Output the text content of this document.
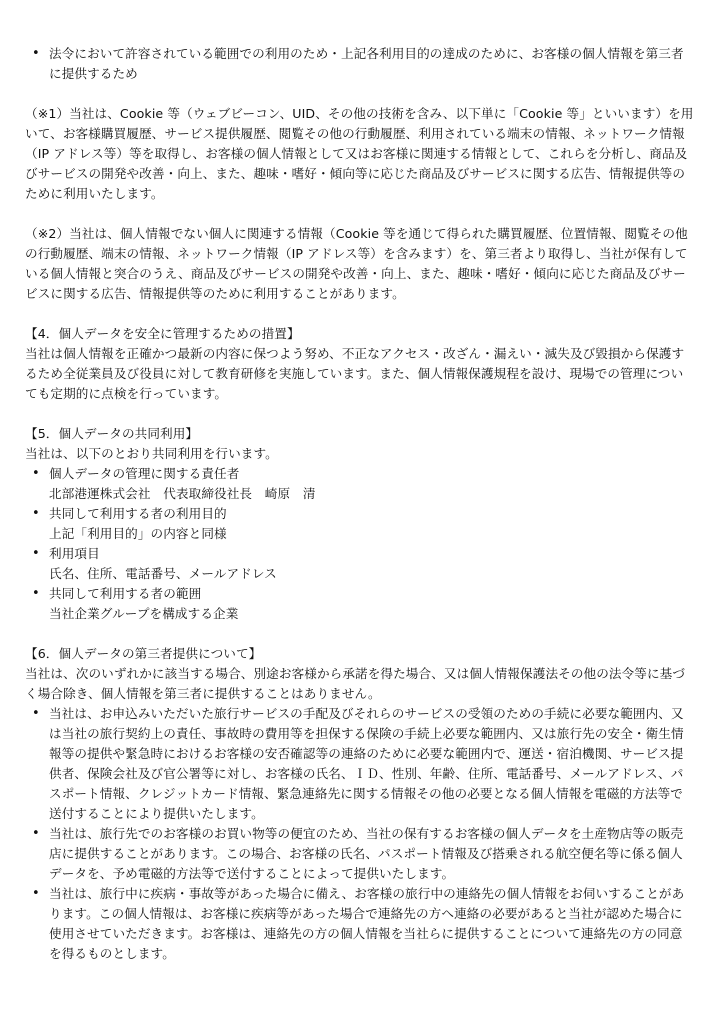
• 法令において許容されている範囲での利用のため・上記各利用目的の達成のために、お客様の個人情報を第三者に提供するため

（※1）当社は、Cookie 等（ウェブビーコン、UID、その他の技術を含み、以下単に「Cookie 等」といいます）を用いて、お客様購買履歴、サービス提供履歴、閲覧その他の行動履歴、利用されている端末の情報、ネットワーク情報（IP アドレス等）等を取得し、お客様の個人情報として又はお客様に関連する情報として、これらを分析し、商品及びサービスの開発や改善・向上、また、趣味・嗜好・傾向等に応じた商品及びサービスに関する広告、情報提供等のために利用いたします。

（※2）当社は、個人情報でない個人に関連する情報（Cookie 等を通じて得られた購買履歴、位置情報、閲覧その他の行動履歴、端末の情報、ネットワーク情報（IP アドレス等）を含みます）を、第三者より取得し、当社が保有している個人情報と突合のうえ、商品及びサービスの開発や改善・向上、また、趣味・嗜好・傾向に応じた商品及びサービスに関する広告、情報提供等のために利用することがあります。

【4．個人データを安全に管理するための措置】

当社は個人情報を正確かつ最新の内容に保つよう努め、不正なアクセス・改ざん・漏えい・滅失及び毀損から保護するため全従業員及び役員に対して教育研修を実施しています。また、個人情報保護規程を設け、現場での管理についても定期的に点検を行っています。

【5．個人データの共同利用】

当社は、以下のとおり共同利用を行います。

• 個人データの管理に関する責任者
北部港運株式会社　代表取締役社長　崎原　清
• 共同して利用する者の利用目的
上記「利用目的」の内容と同様
• 利用項目
氏名、住所、電話番号、メールアドレス
• 共同して利用する者の範囲
当社企業グループを構成する企業

【6．個人データの第三者提供について】

当社は、次のいずれかに該当する場合、別途お客様から承諾を得た場合、又は個人情報保護法その他の法令等に基づく場合除き、個人情報を第三者に提供することはありません。

• 当社は、お申込みいただいた旅行サービスの手配及びそれらのサービスの受領のための手続に必要な範囲内、又は当社の旅行契約上の責任、事故時の費用等を担保する保険の手続上必要な範囲内、又は旅行先の安全・衛生情報等の提供や緊急時におけるお客様の安否確認等の連絡のために必要な範囲内で、運送・宿泊機関、サービス提供者、保険会社及び官公署等に対し、お客様の氏名、ＩＤ、性別、年齢、住所、電話番号、メールアドレス、パスポート情報、クレジットカード情報、緊急連絡先に関する情報その他の必要となる個人情報を電磁的方法等で送付することにより提供いたします。
• 当社は、旅行先でのお客様のお買い物等の便宜のため、当社の保有するお客様の個人データを土産物店等の販売店に提供することがあります。この場合、お客様の氏名、パスポート情報及び搭乗される航空便名等に係る個人データを、予め電磁的方法等で送付することによって提供いたします。
• 当社は、旅行中に疾病・事故等があった場合に備え、お客様の旅行中の連絡先の個人情報をお伺いすることがあります。この個人情報は、お客様に疾病等があった場合で連絡先の方へ連絡の必要があると当社が認めた場合に使用させていただきます。お客様は、連絡先の方の個人情報を当社らに提供することについて連絡先の方の同意を得るものとします。
